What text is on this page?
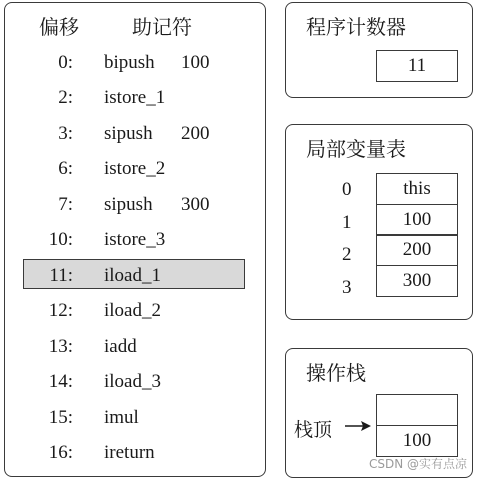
偏移	助记符
0: bipush 100
2: istore_1
3: sipush 200
6: istore_2
7: sipush 300
10: istore_3
11: iload_1
12: iload_2
13: iadd
14: iload_3
15: imul
16: ireturn
程序计数器
11
局部变量表
0
1
2
3
this
100
200
300
操作栈
栈顶	100
CSDN @实有点凉
